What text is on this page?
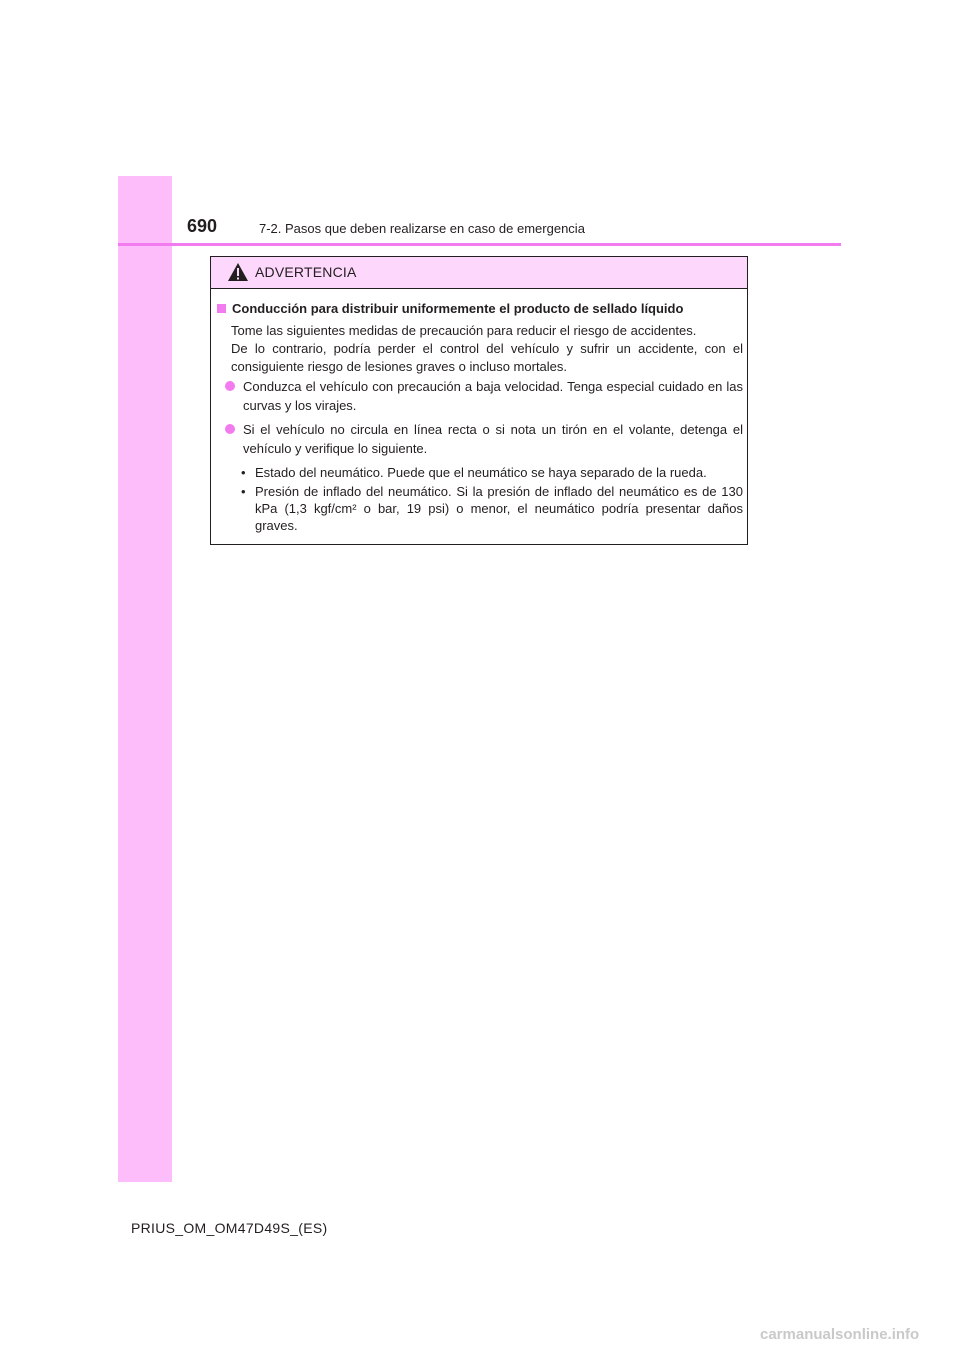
690	7-2. Pasos que deben realizarse en caso de emergencia
ADVERTENCIA
Conducción para distribuir uniformemente el producto de sellado líquido
Tome las siguientes medidas de precaución para reducir el riesgo de accidentes.
De lo contrario, podría perder el control del vehículo y sufrir un accidente, con el consiguiente riesgo de lesiones graves o incluso mortales.
Conduzca el vehículo con precaución a baja velocidad. Tenga especial cuidado en las curvas y los virajes.
Si el vehículo no circula en línea recta o si nota un tirón en el volante, detenga el vehículo y verifique lo siguiente.
• Estado del neumático. Puede que el neumático se haya separado de la rueda.
• Presión de inflado del neumático. Si la presión de inflado del neumático es de 130 kPa (1,3 kgf/cm² o bar, 19 psi) o menor, el neumático podría presentar daños graves.
PRIUS_OM_OM47D49S_(ES)
carmanualsonline.info
